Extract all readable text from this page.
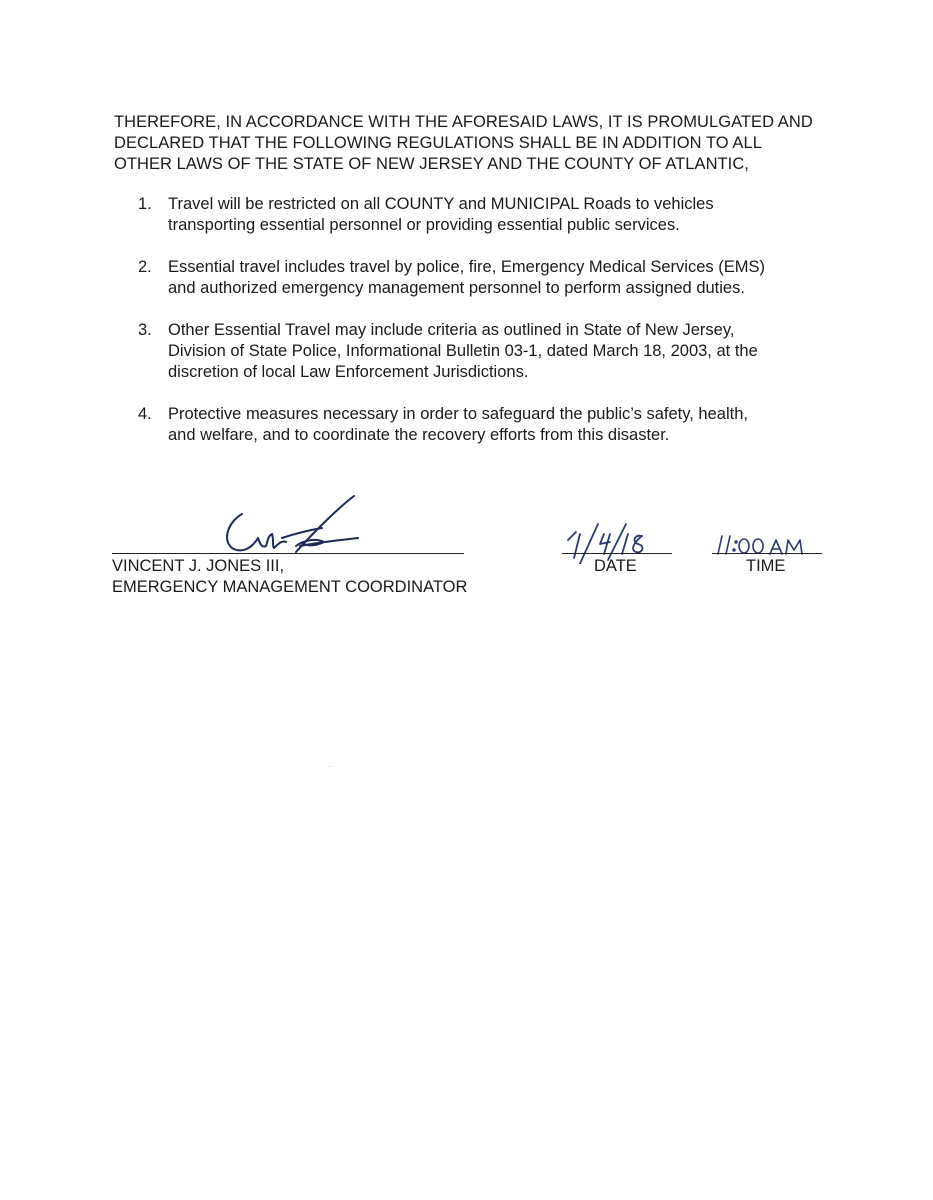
THEREFORE, IN ACCORDANCE WITH THE AFORESAID LAWS, IT IS PROMULGATED AND
DECLARED THAT THE FOLLOWING REGULATIONS SHALL BE IN ADDITION TO ALL
OTHER LAWS OF THE STATE OF NEW JERSEY AND THE COUNTY OF ATLANTIC,

1. Travel will be restricted on all COUNTY and MUNICIPAL Roads to vehicles
transporting essential personnel or providing essential public services.
2. Essential travel includes travel by police, fire, Emergency Medical Services (EMS)
and authorized emergency management personnel to perform assigned duties.
3. Other Essential Travel may include criteria as outlined in State of New Jersey,
Division of State Police, Informational Bulletin 03-1, dated March 18, 2003, at the
discretion of local Law Enforcement Jurisdictions.
4. Protective measures necessary in order to safeguard the public’s safety, health,
and welfare, and to coordinate the recovery efforts from this disaster.
VINCENT J. JONES III,
EMERGENCY MANAGEMENT COORDINATOR
DATE	TIME
